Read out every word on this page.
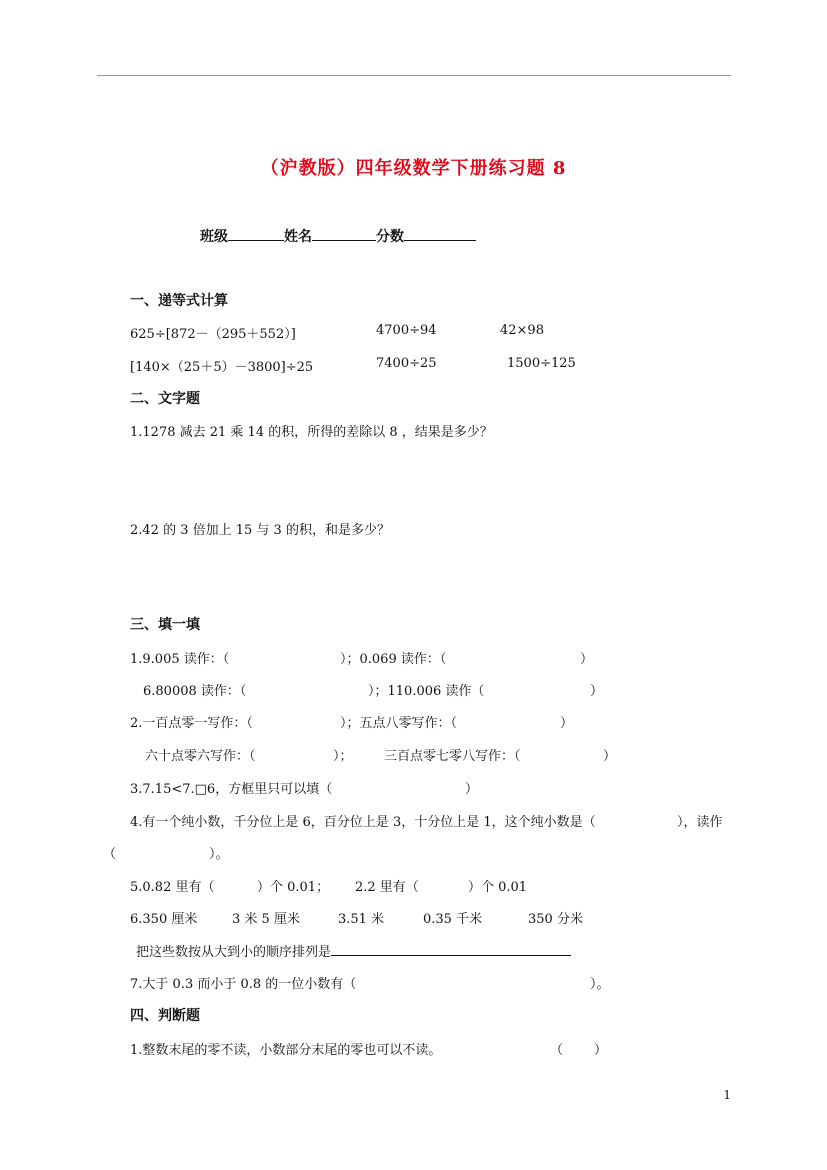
（沪教版）四年级数学下册练习题 8
班级	姓名	分数
一、递等式计算
625÷[872－（295＋552）]	4700÷94	42×98
[140×（25＋5）－3800]÷25	7400÷25	1500÷125
二、文字题
1.1278 减去 21 乘 14 的积，所得的差除以 8 ，结果是多少？
2.42 的 3 倍加上 15 与 3 的积，和是多少？
三、填一填
1.9.005 读作：（	）；0.069 读作：（	）
6.80008 读作：（	）；110.006 读作（	）
2.一百点零一写作：（	）；五点八零写作：（	）
六十点零六写作：（	）； 三百点零七零八写作：（	）
3.7.15<7.□6，方框里只可以填（	）
4.有一个纯小数，千分位上是 6，百分位上是 3，十分位上是 1，这个纯小数是（	），读作
（	）。
5.0.82 里有（	）个 0.01； 2.2 里有（	）个 0.01
6.350 厘米	3 米 5 厘米	3.51 米	0.35 千米	350 分米
把这些数按从大到小的顺序排列是
7.大于 0.3 而小于 0.8 的一位小数有（	）。
四、判断题
1.整数末尾的零不读，小数部分末尾的零也可以不读。	（ ）
1
